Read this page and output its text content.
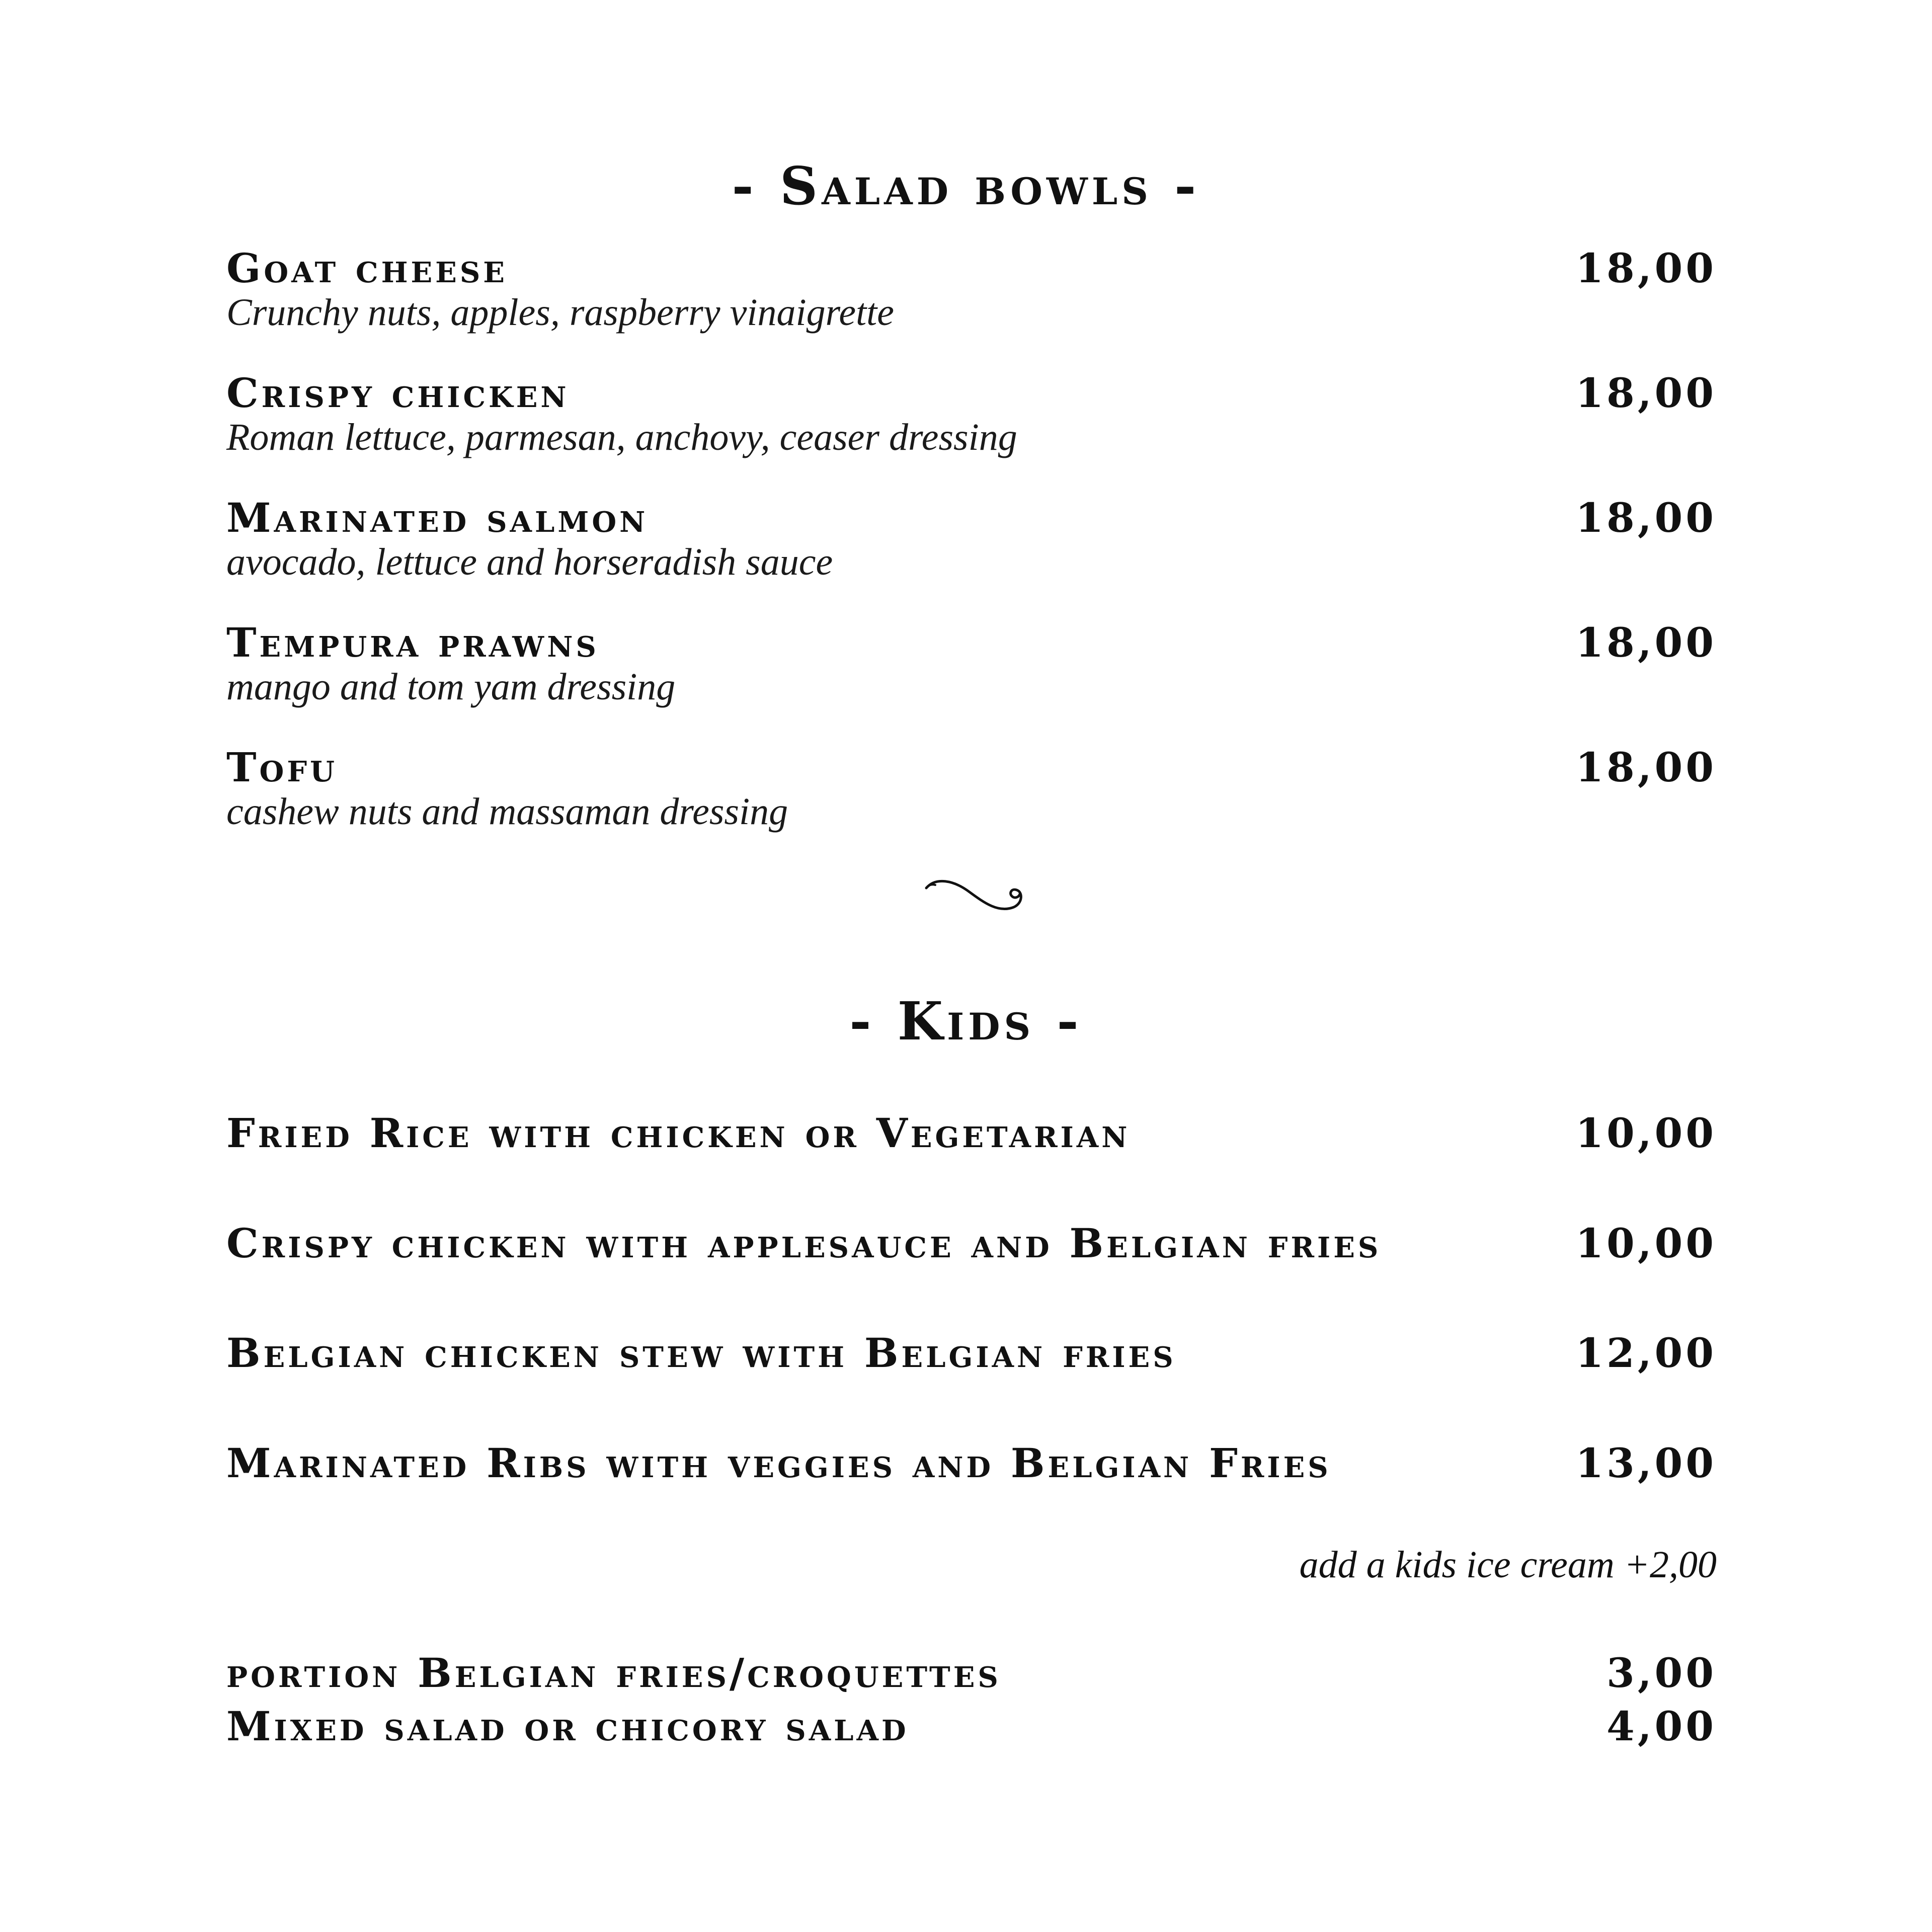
- Salad bowls -
Goat cheese	18,00
Crunchy nuts, apples, raspberry vinaigrette
Crispy chicken	18,00
Roman lettuce, parmesan, anchovy, ceaser dressing
Marinated salmon	18,00
avocado, lettuce and horseradish sauce
Tempura prawns	18,00
mango and tom yam dressing
Tofu	18,00
cashew nuts and massaman dressing
- Kids -
Fried Rice with chicken or Vegetarian	10,00
Crispy chicken with applesauce and Belgian fries	10,00
Belgian chicken stew with Belgian fries	12,00
Marinated Ribs with veggies and Belgian Fries	13,00
add a kids ice cream +2,00
portion Belgian fries/croquettes	3,00
Mixed salad or chicory salad	4,00
